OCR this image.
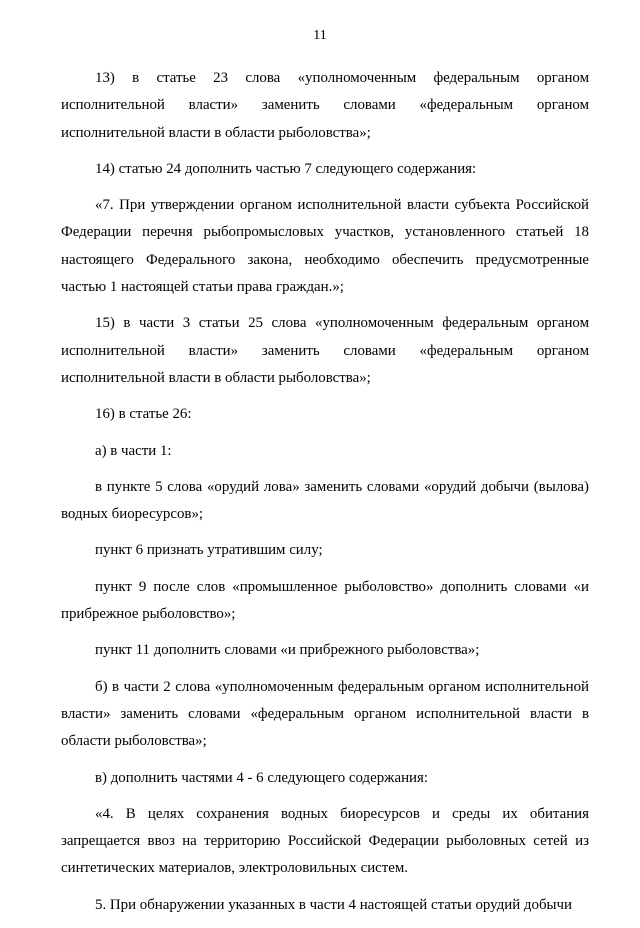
11

13) в статье 23 слова «уполномоченным федеральным органом исполнительной власти» заменить словами «федеральным органом исполнительной власти в области рыболовства»;

14) статью 24 дополнить частью 7 следующего содержания:

«7. При утверждении органом исполнительной власти субъекта Российской Федерации перечня рыбопромысловых участков, установленного статьей 18 настоящего Федерального закона, необходимо обеспечить предусмотренные частью 1 настоящей статьи права граждан.»;

15) в части 3 статьи 25 слова «уполномоченным федеральным органом исполнительной власти» заменить словами «федеральным органом исполнительной власти в области рыболовства»;

16) в статье 26:

а) в части 1:

в пункте 5 слова «орудий лова» заменить словами «орудий добычи (вылова) водных биоресурсов»;

пункт 6 признать утратившим силу;

пункт 9 после слов «промышленное рыболовство» дополнить словами «и прибрежное рыболовство»;

пункт 11 дополнить словами «и прибрежного рыболовства»;

б) в части 2 слова «уполномоченным федеральным органом исполнительной власти» заменить словами «федеральным органом исполнительной власти в области рыболовства»;

в) дополнить частями 4 - 6 следующего содержания:

«4. В целях сохранения водных биоресурсов и среды их обитания запрещается ввоз на территорию Российской Федерации рыболовных сетей из синтетических материалов, электроловильных систем.

5. При обнаружении указанных в части 4 настоящей статьи орудий добычи
